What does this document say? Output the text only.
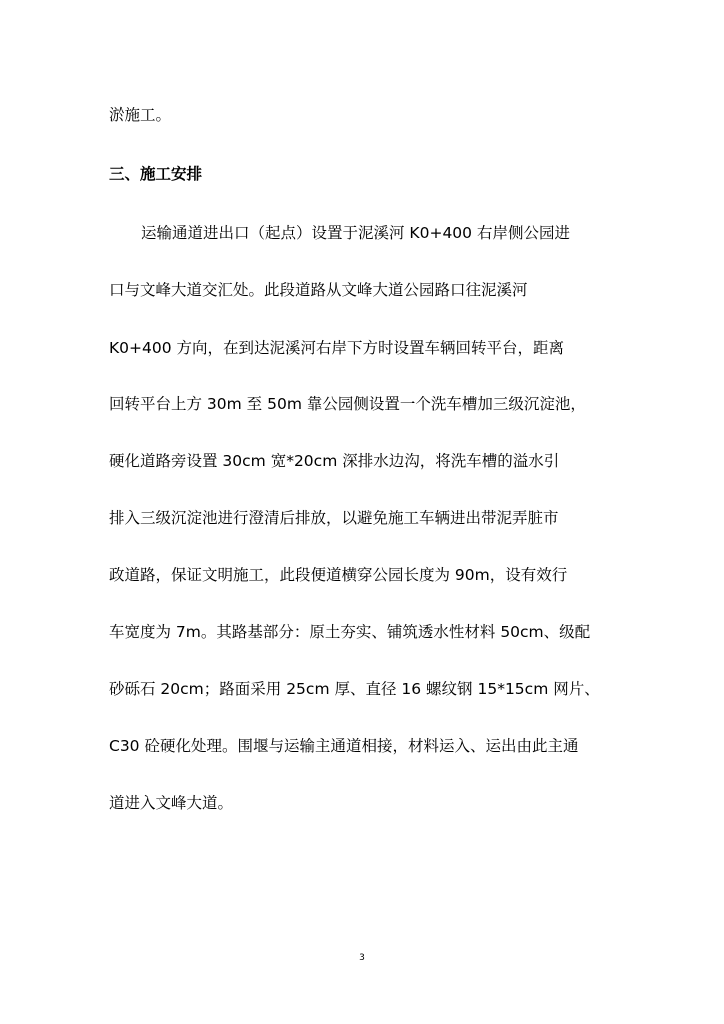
淤施工。
三、施工安排
运输通道进出口（起点）设置于泥溪河 K0+400 右岸侧公园进
口与文峰大道交汇处。此段道路从文峰大道公园路口往泥溪河
K0+400 方向，在到达泥溪河右岸下方时设置车辆回转平台，距离
回转平台上方 30m 至 50m 靠公园侧设置一个洗车槽加三级沉淀池，
硬化道路旁设置 30cm 宽*20cm 深排水边沟，将洗车槽的溢水引
排入三级沉淀池进行澄清后排放，以避免施工车辆进出带泥弄脏市
政道路，保证文明施工，此段便道横穿公园长度为 90m，设有效行
车宽度为 7m。其路基部分：原土夯实、铺筑透水性材料 50cm、级配
砂砾石 20cm；路面采用 25cm 厚、直径 16 螺纹钢 15*15cm 网片、
C30 砼硬化处理。围堰与运输主通道相接，材料运入、运出由此主通
道进入文峰大道。
3
